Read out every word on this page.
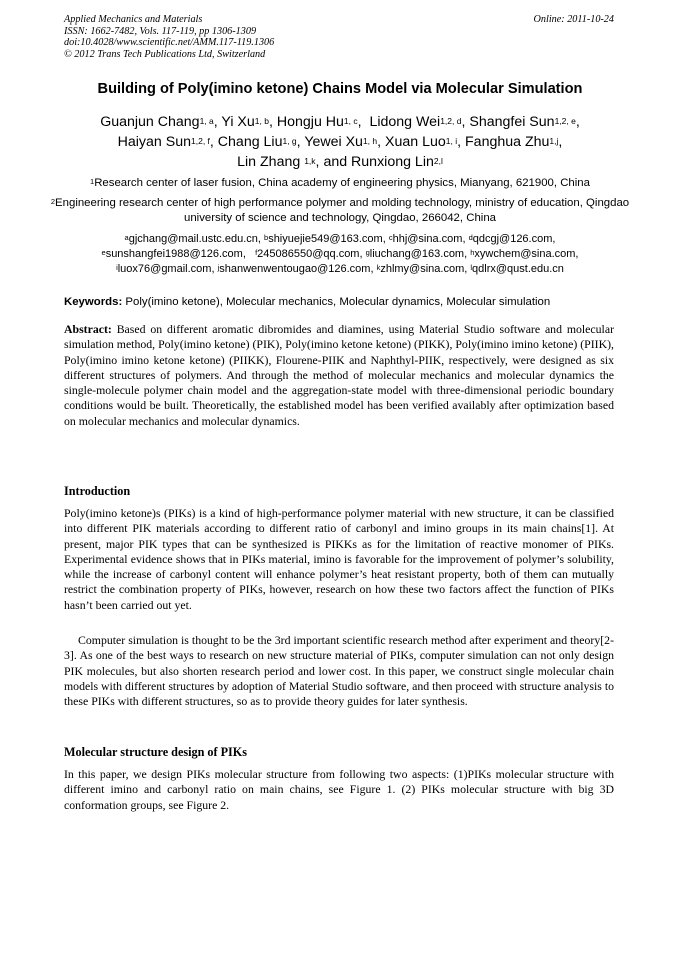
Applied Mechanics and Materials
ISSN: 1662-7482, Vols. 117-119, pp 1306-1309
doi:10.4028/www.scientific.net/AMM.117-119.1306
© 2012 Trans Tech Publications Ltd, Switzerland
Online: 2011-10-24
Building of Poly(imino ketone) Chains Model via Molecular Simulation
Guanjun Chang$^{1, a}$, Yi Xu$^{1, b}$, Hongju Hu$^{1, c}$,  Lidong Wei$^{1,2, d}$, Shangfei Sun$^{1,2, e}$,
Haiyan Sun$^{1,2, f}$, Chang Liu$^{1, g}$, Yewei Xu$^{1, h}$, Xuan Luo$^{1, i}$, Fanghua Zhu$^{1,j}$,
Lin Zhang $^{1,k}$, and Runxiong Lin$^{2,l}$
$^1$Research center of laser fusion, China academy of engineering physics, Mianyang, 621900, China
$^2$Engineering research center of high performance polymer and molding technology, ministry of education, Qingdao university of science and technology, Qingdao, 266042, China
$^a$gjchang@mail.ustc.edu.cn, $^b$shiyuejie549@163.com, $^c$hhj@sina.com, $^d$qdcgj@126.com,
$^e$sunshangfei1988@126.com, $^f$245086550@qq.com, $^g$liuchang@163.com, $^h$xywchem@sina.com,
$^i$luox76@gmail.com, $^j$shanwenwentougao@126.com, $^k$zhlmy@sina.com, $^l$qdlrx@qust.edu.cn
Keywords: Poly(imino ketone), Molecular mechanics, Molecular dynamics, Molecular simulation
Abstract: Based on different aromatic dibromides and diamines, using Material Studio software and molecular simulation method, Poly(imino ketone) (PIK), Poly(imino ketone ketone) (PIKK), Poly(imino imino ketone) (PIIK), Poly(imino imino ketone ketone) (PIIKK), Flourene-PIIK and Naphthyl-PIIK, respectively, were designed as six different structures of polymers. And through the method of molecular mechanics and molecular dynamics the single-molecule polymer chain model and the aggregation-state model with three-dimensional periodic boundary conditions would be built. Theoretically, the established model has been verified availably after optimization based on molecular mechanics and molecular dynamics.
Introduction
Poly(imino ketone)s (PIKs) is a kind of high-performance polymer material with new structure, it can be classified into different PIK materials according to different ratio of carbonyl and imino groups in its main chains[1]. At present, major PIK types that can be synthesized is PIKKs as for the limitation of reactive monomer of PIKs. Experimental evidence shows that in PIKs material, imino is favorable for the improvement of polymer’s solubility, while the increase of carbonyl content will enhance polymer’s heat resistant property, both of them can mutually restrict the combination property of PIKs, however, research on how these two factors affect the function of PIKs hasn’t been carried out yet.
Computer simulation is thought to be the 3rd important scientific research method after experiment and theory[2-3]. As one of the best ways to research on new structure material of PIKs, computer simulation can not only design PIK molecules, but also shorten research period and lower cost. In this paper, we construct single molecular chain models with different structures by adoption of Material Studio software, and then proceed with structure analysis to these PIKs with different structures, so as to provide theory guides for later synthesis.
Molecular structure design of PIKs
In this paper, we design PIKs molecular structure from following two aspects: (1)PIKs molecular structure with different imino and carbonyl ratio on main chains, see Figure 1. (2) PIKs molecular structure with big 3D conformation groups, see Figure 2.
